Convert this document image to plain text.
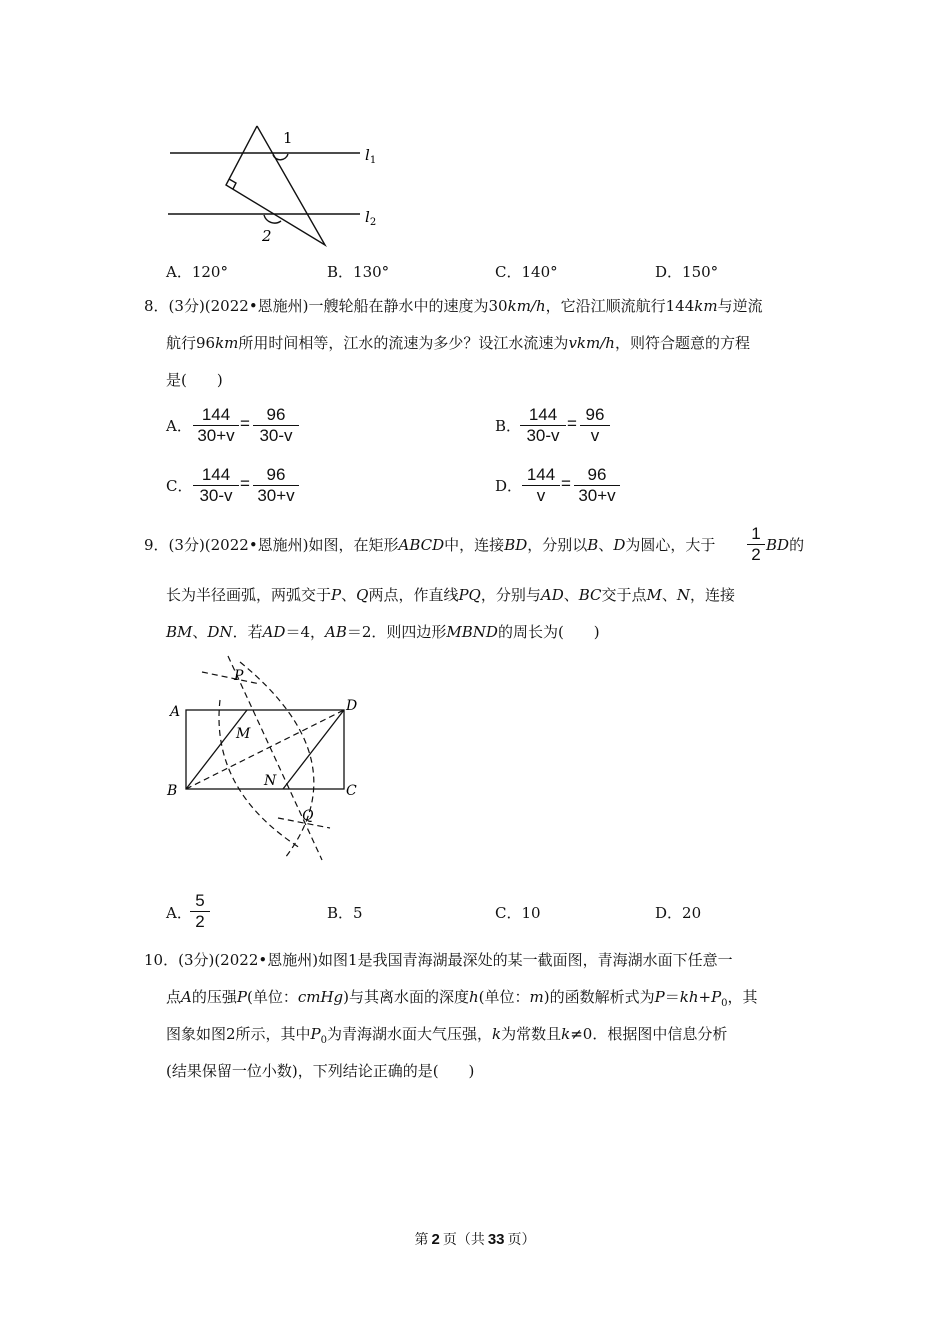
1
2
$l_1$
$l_2$
A．120°	B．130°	C．140°	D．150°
8．(3分)(2022•恩施州)一艘轮船在静水中的速度为30km/h，它沿江顺流航行144km与逆流
航行96km所用时间相等，江水的流速为多少？设江水流速为vkm/h，则符合题意的方程
是(　　)
A． $\frac{144}{30+v} = \frac{96}{30-v}$	B．
$\frac{144}{30-v} = \frac{96}{v}$
C． $\frac{144}{30-v} = \frac{96}{30+v}$	D． $\frac{144}{v} = \frac{96}{30+v}$
9．(3分)(2022•恩施州)如图，在矩形ABCD中，连接BD，分别以B、D为圆心，大于 $\frac{1}{2}$ BD的
长为半径画弧，两弧交于P、Q两点，作直线PQ，分别与AD、BC交于点M、N，连接
BM、DN．若AD＝4，AB＝2．则四边形MBND的周长为(　　)
P
A	D
M
B
N
C
Q
A．
$\frac{5}{2}$	B．5	C．10	D．20
10．(3分)(2022•恩施州)如图1是我国青海湖最深处的某一截面图，青海湖水面下任意一
点A的压强P(单位：cmHg)与其离水面的深度h(单位：m)的函数解析式为$P=kh+P_0$，其
图象如图2所示，其中$P_0$为青海湖水面大气压强，k为常数且k≠0．根据图中信息分析
(结果保留一位小数)，下列结论正确的是(　　)
第 2 页（共 33 页）
